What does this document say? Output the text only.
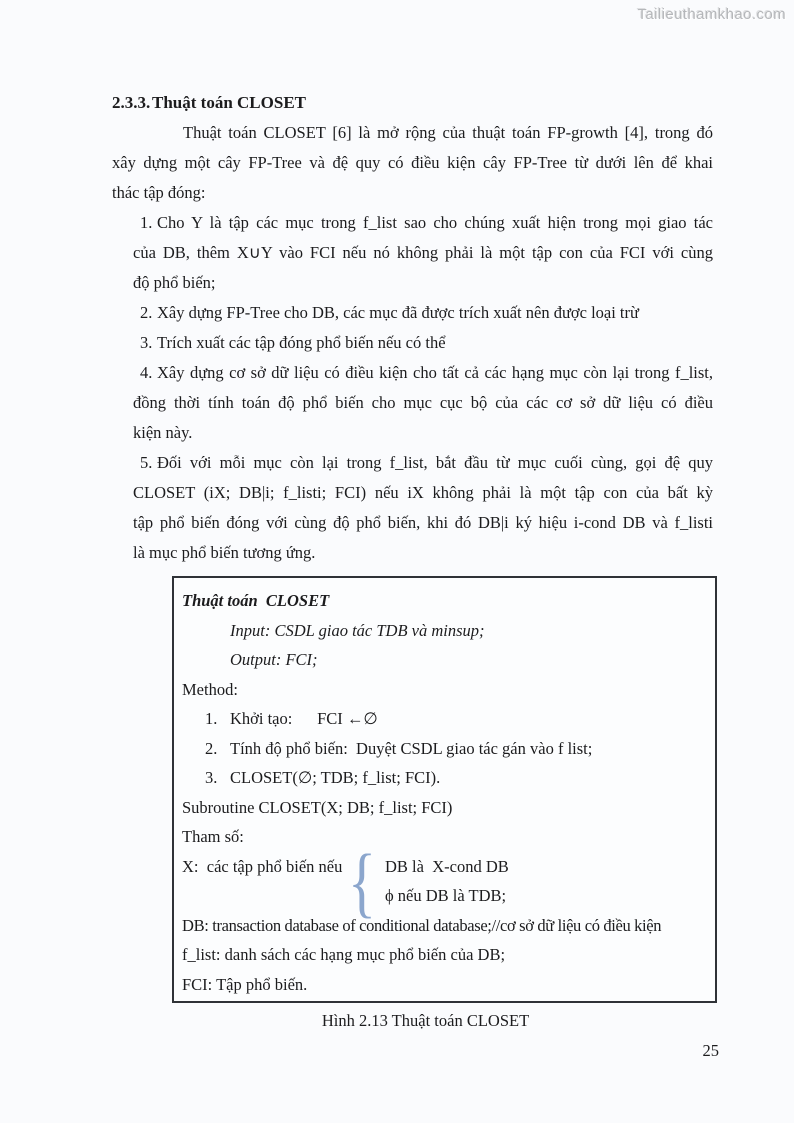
Tailieuthamkhao.com
2.3.3. Thuật toán CLOSET
Thuật toán CLOSET [6] là mở rộng của thuật toán FP-growth [4], trong đó
xây dựng một cây FP-Tree và đệ quy có điều kiện cây FP-Tree từ dưới lên để khai
thác tập đóng:
1. Cho Y là tập các mục trong f_list sao cho chúng xuất hiện trong mọi giao tác
của DB, thêm X∪Y vào FCI nếu nó không phải là một tập con của FCI với cùng
độ phổ biến;
2. Xây dựng FP-Tree cho DB, các mục đã được trích xuất nên được loại trừ
3. Trích xuất các tập đóng phổ biến nếu có thể
4. Xây dựng cơ sở dữ liệu có điều kiện cho tất cả các hạng mục còn lại trong f_list,
đồng thời tính toán độ phổ biến cho mục cục bộ của các cơ sở dữ liệu có điều
kiện này.
5. Đối với mỗi mục còn lại trong f_list, bắt đầu từ mục cuối cùng, gọi đệ quy
CLOSET (iX; DB|i; f_listi; FCI) nếu iX không phải là một tập con của bất kỳ
tập phổ biến đóng với cùng độ phổ biến, khi đó DB|i ký hiệu i-cond DB và f_listi
là mục phổ biến tương ứng.
Thuật toán  CLOSET
Input: CSDL giao tác TDB và minsup;
Output: FCI;
Method:
1. Khởi tạo:      FCI ←∅
2. Tính độ phổ biến:  Duyệt CSDL giao tác gán vào f list;
3. CLOSET(∅; TDB; f_list; FCI).
Subroutine CLOSET(X; DB; f_list; FCI)
Tham số:
X:  các tập phổ biến nếu { DB là  X-cond DB
ϕ nếu DB là TDB;
DB: transaction database of conditional database;//cơ sở dữ liệu có điều kiện
f_list: danh sách các hạng mục phổ biến của DB;
FCI: Tập phổ biến.
Hình 2.13 Thuật toán CLOSET
25
